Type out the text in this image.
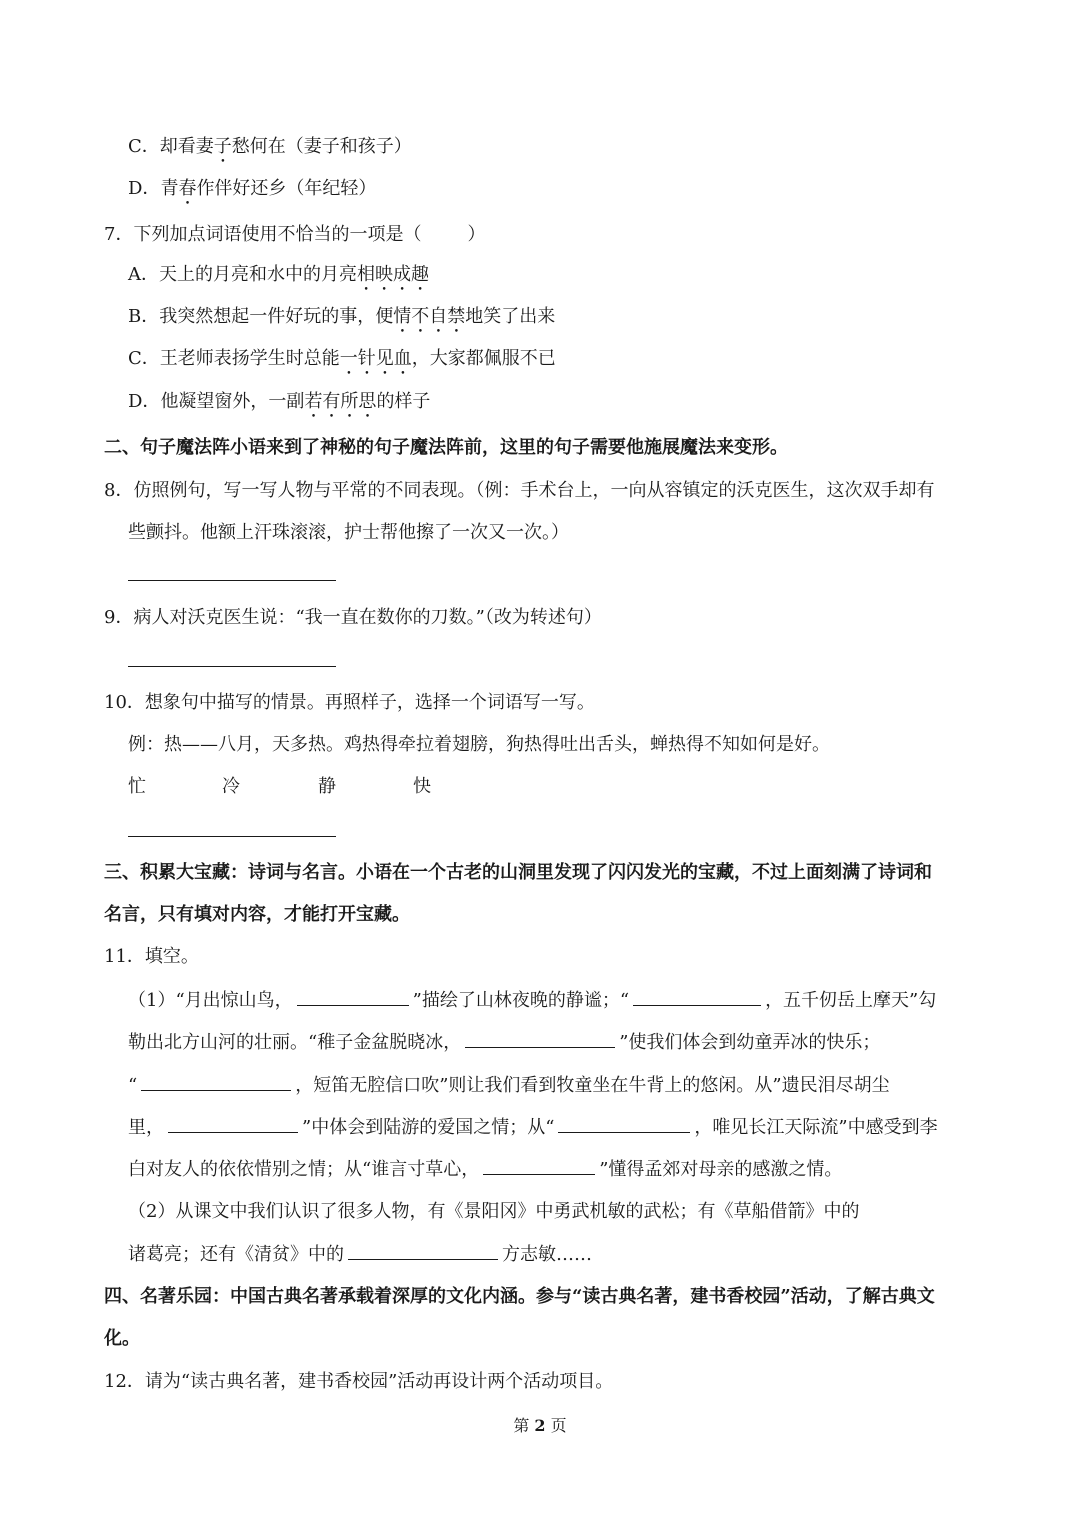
C．却看妻子愁何在（妻子和孩子）
D．青春作伴好还乡（年纪轻）
7．下列加点词语使用不恰当的一项是（	）
A．天上的月亮和水中的月亮相映成趣
B．我突然想起一件好玩的事，便情不自禁地笑了出来
C．王老师表扬学生时总能一针见血，大家都佩服不已
D．他凝望窗外，一副若有所思的样子
二、句子魔法阵小语来到了神秘的句子魔法阵前，这里的句子需要他施展魔法来变形。
8．仿照例句，写一写人物与平常的不同表现。（例：手术台上，一向从容镇定的沃克医生，这次双手却有
些颤抖。他额上汗珠滚滚，护士帮他擦了一次又一次。）
9．病人对沃克医生说：“我一直在数你的刀数。”（改为转述句）
10．想象句中描写的情景。再照样子，选择一个词语写一写。
例：热——八月，天多热。鸡热得牵拉着翅膀，狗热得吐出舌头，蝉热得不知如何是好。
忙	冷	静	快
三、积累大宝藏：诗词与名言。小语在一个古老的山洞里发现了闪闪发光的宝藏，不过上面刻满了诗词和
名言，只有填对内容，才能打开宝藏。
11．填空。
（1）“月出惊山鸟，	”描绘了山林夜晚的静谧；“	，五千仞岳上摩天”勾
勒出北方山河的壮丽。“稚子金盆脱晓冰，	”使我们体会到幼童弄冰的快乐；
“	，短笛无腔信口吹”则让我们看到牧童坐在牛背上的悠闲。从”遗民泪尽胡尘
里，	”中体会到陆游的爱国之情；从“	，唯见长江天际流”中感受到李
白对友人的依依惜别之情；从“谁言寸草心，	”懂得孟郊对母亲的感激之情。
（2）从课文中我们认识了很多人物，有《景阳冈》中勇武机敏的武松；有《草船借箭》中的
诸葛亮；还有《清贫》中的	方志敏……
四、名著乐园：中国古典名著承载着深厚的文化内涵。参与“读古典名著，建书香校园”活动，了解古典文
化。
12．请为“读古典名著，建书香校园”活动再设计两个活动项目。
第 2 页
